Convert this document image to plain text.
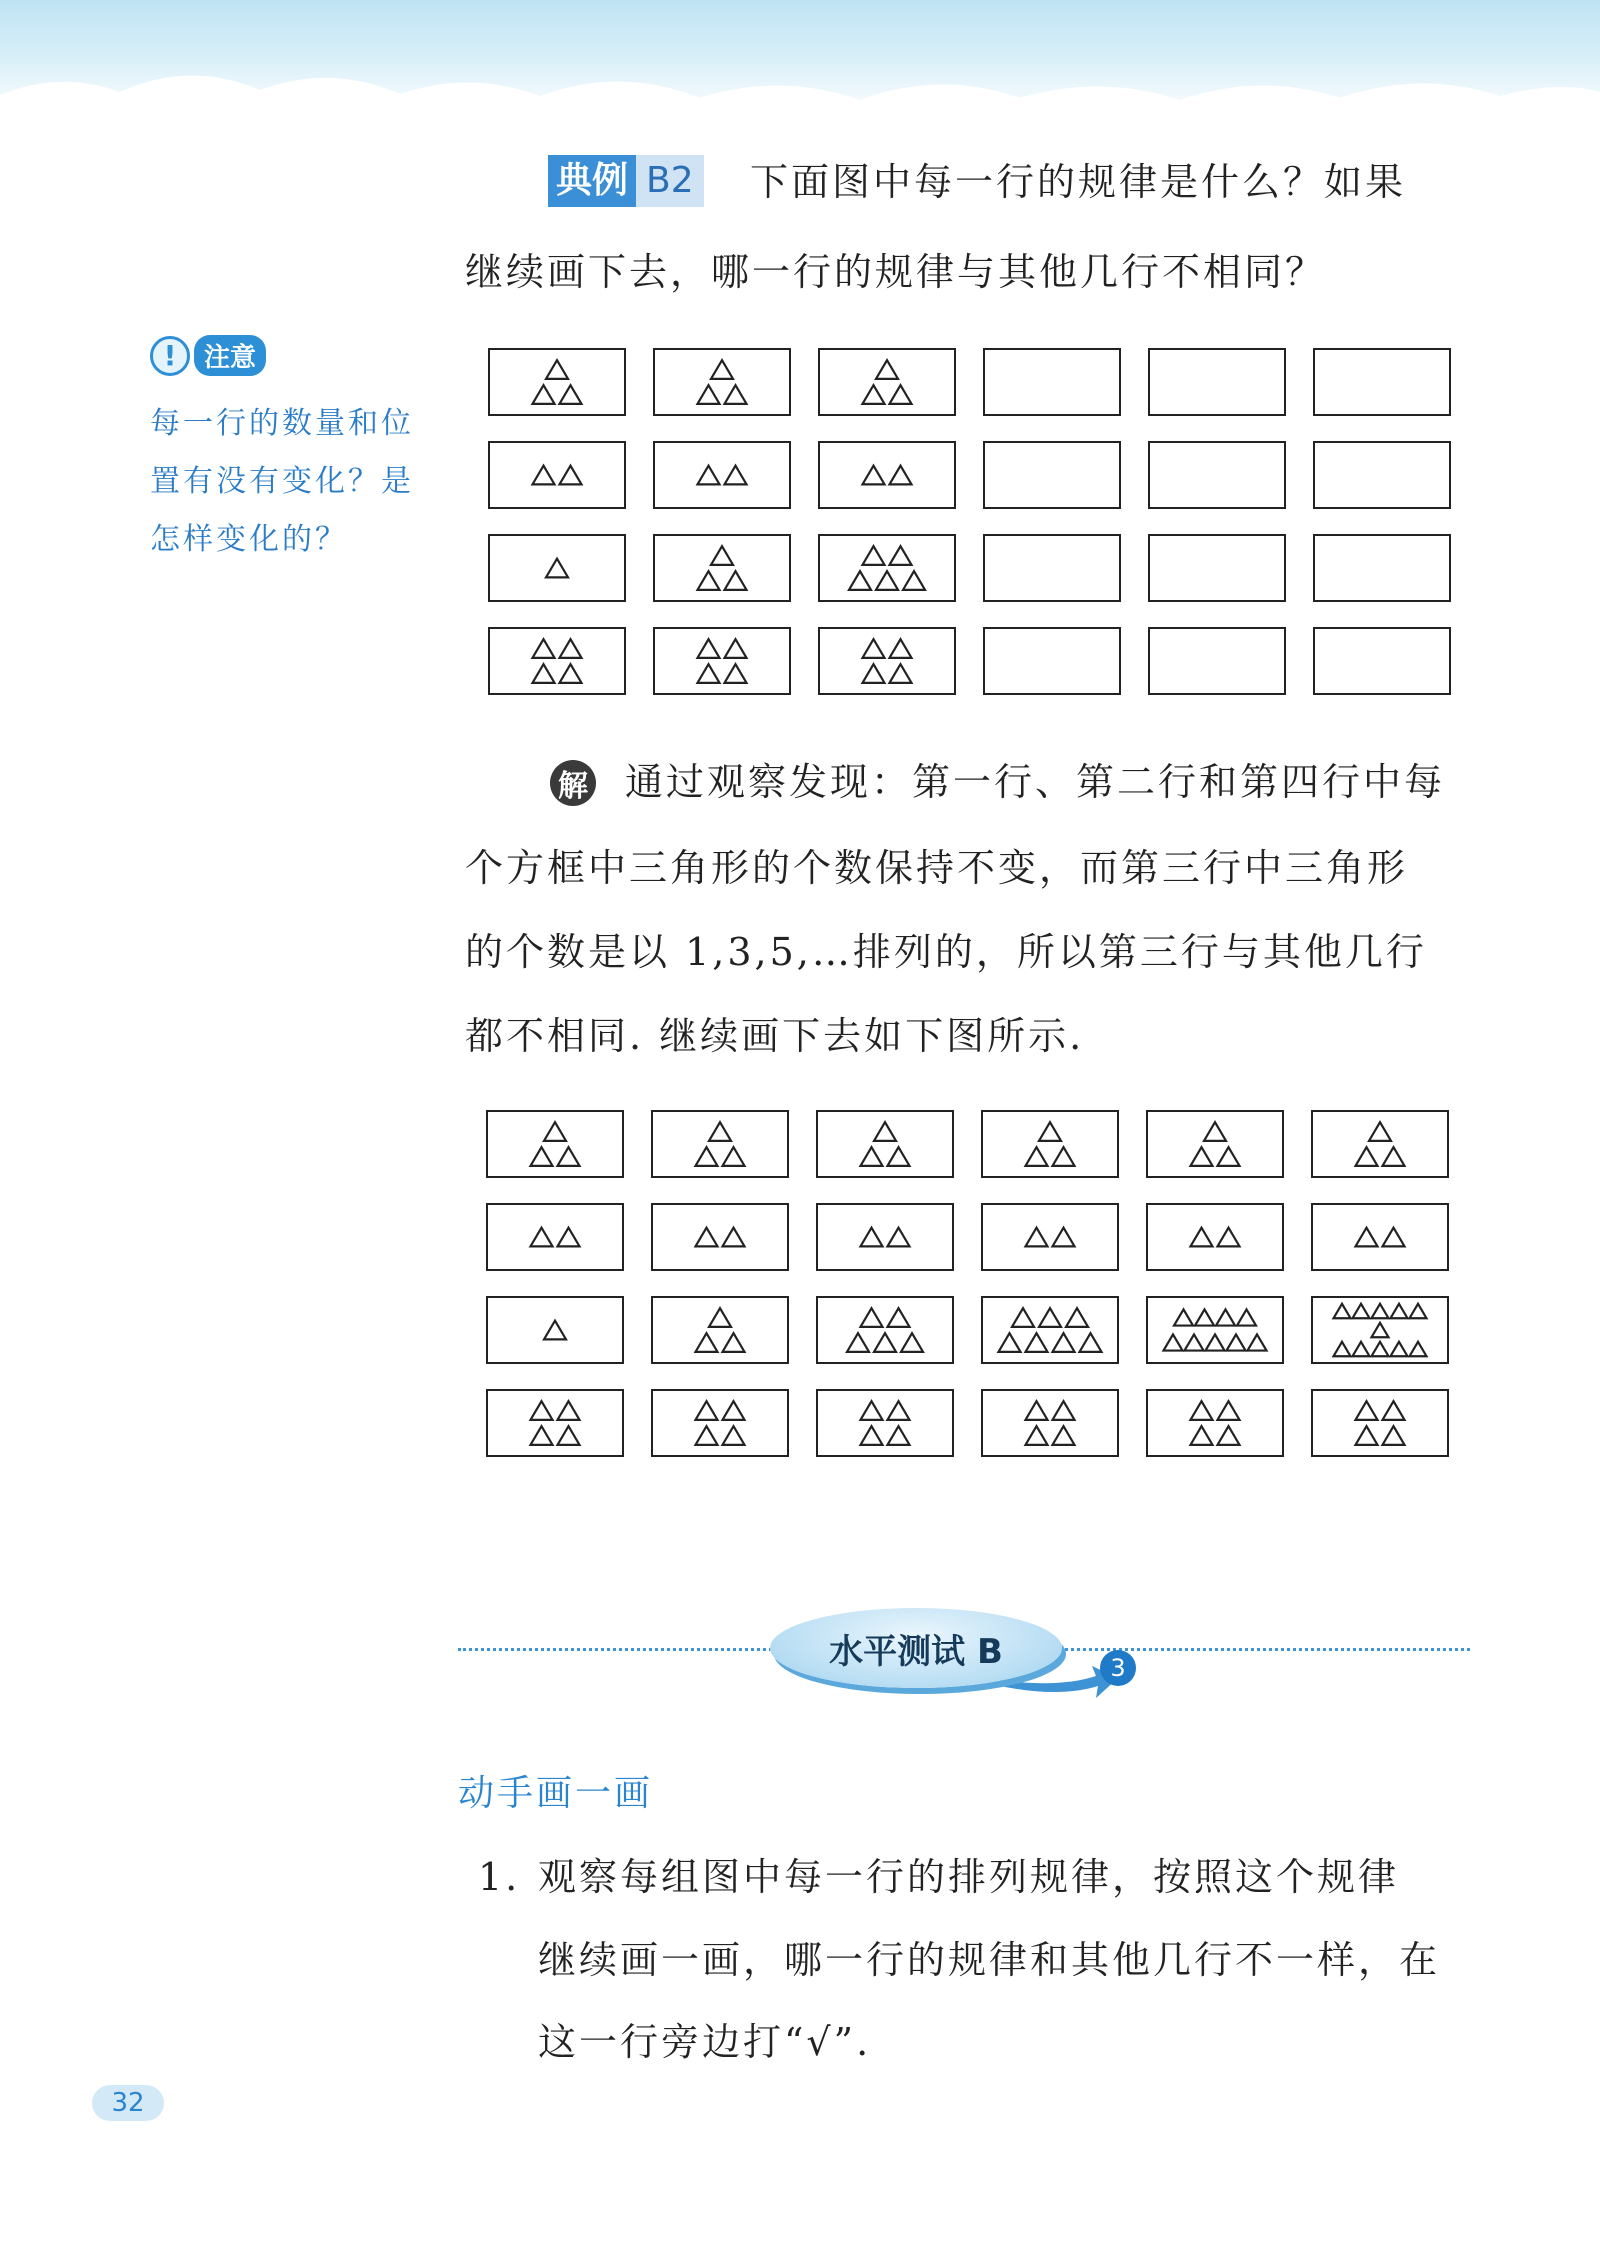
典例 B2 下面图中每一行的规律是什么？如果
继续画下去，哪一行的规律与其他几行不相同？
!	注意
每一行的数量和位置有没有变化？是怎样变化的？
解 通过观察发现：第一行、第二行和第四行中每
个方框中三角形的个数保持不变，而第三行中三角形
的个数是以 1,3,5,…排列的，所以第三行与其他几行
都不相同. 继续画下去如下图所示.
水平测试 B	3
动手画一画
1. 观察每组图中每一行的排列规律，按照这个规律
继续画一画，哪一行的规律和其他几行不一样，在
这一行旁边打“√”.
32
